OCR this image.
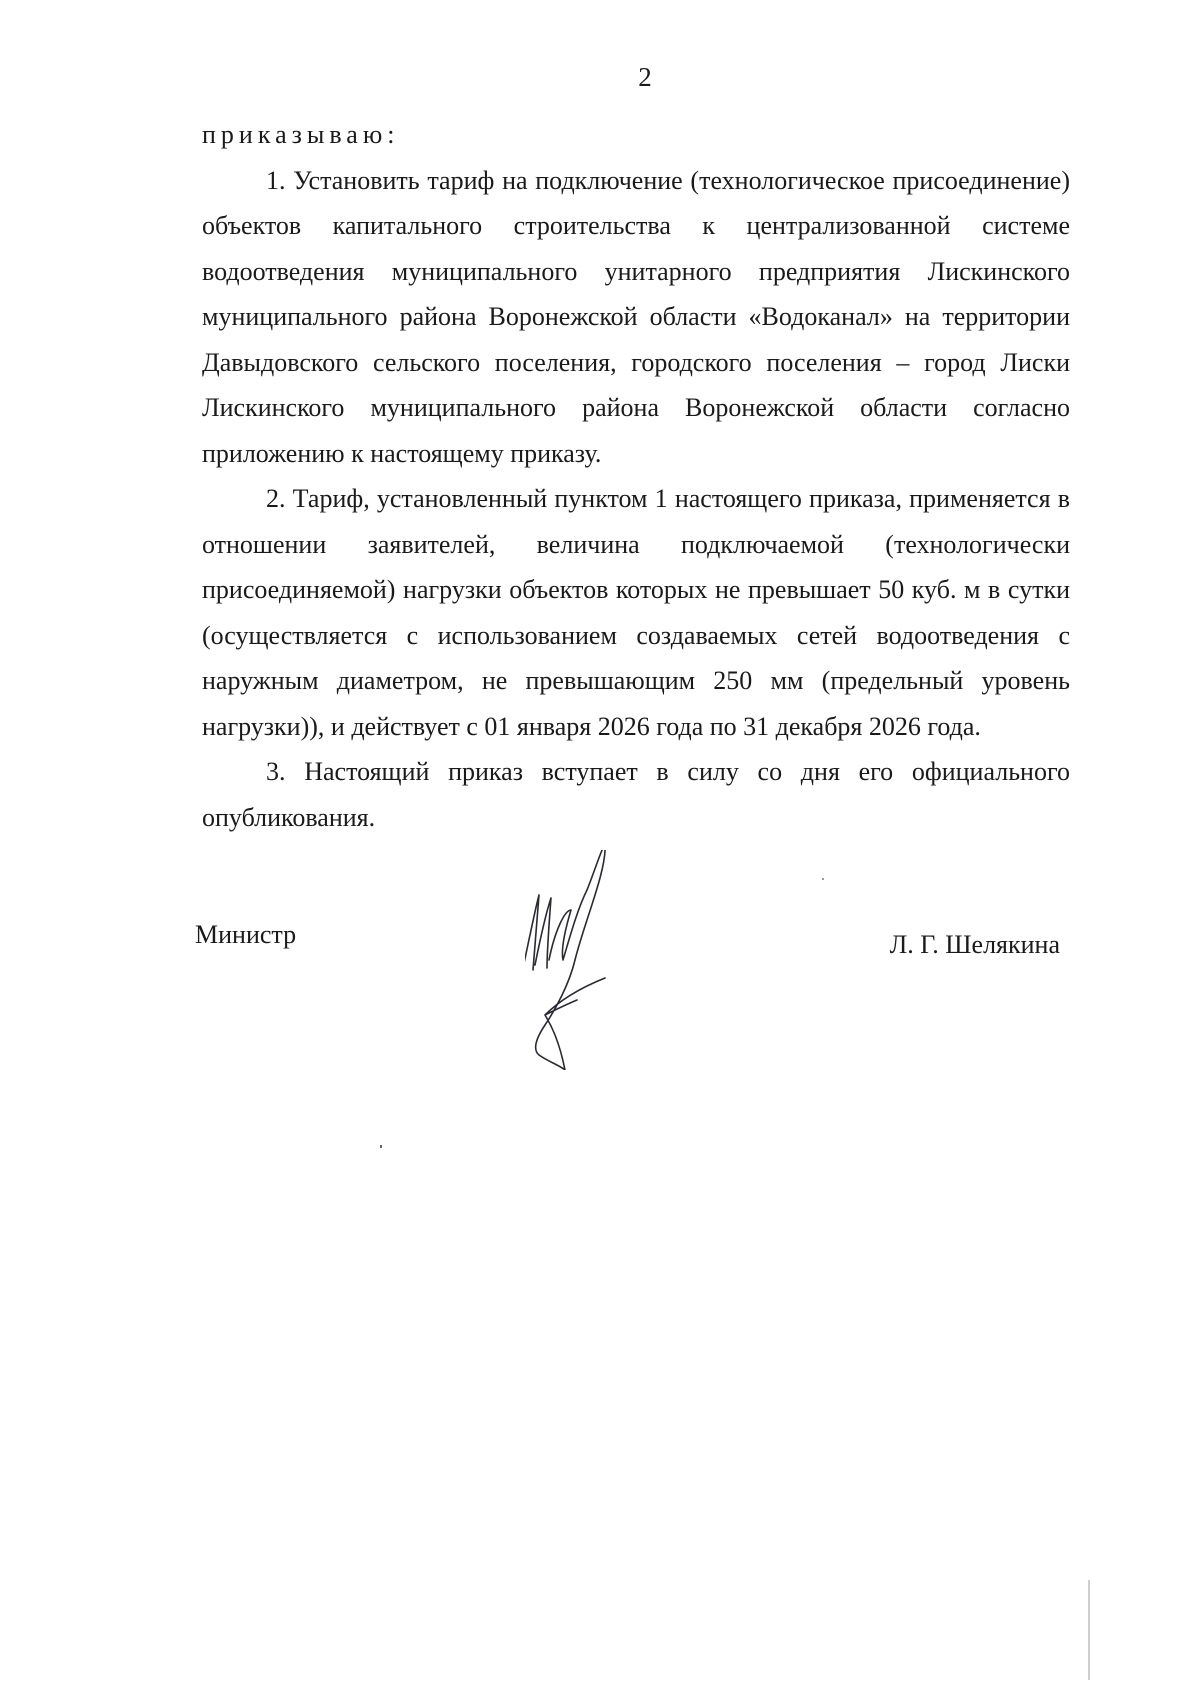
2

приказываю:

1. Установить тариф на подключение (технологическое присоединение) объектов капитального строительства к централизованной системе водоотведения муниципального унитарного предприятия Лискинского муниципального района Воронежской области «Водоканал» на территории Давыдовского сельского поселения, городского поселения – город Лиски Лискинского муниципального района Воронежской области согласно приложению к настоящему приказу.

2. Тариф, установленный пунктом 1 настоящего приказа, применяется в отношении заявителей, величина подключаемой (технологически присоединяемой) нагрузки объектов которых не превышает 50 куб. м в сутки (осуществляется с использованием создаваемых сетей водоотведения с наружным диаметром, не превышающим 250 мм (предельный уровень нагрузки)), и действует с 01 января 2026 года по 31 декабря 2026 года.

3. Настоящий приказ вступает в силу со дня его официального опубликования.

Министр	Л. Г. Шелякина
